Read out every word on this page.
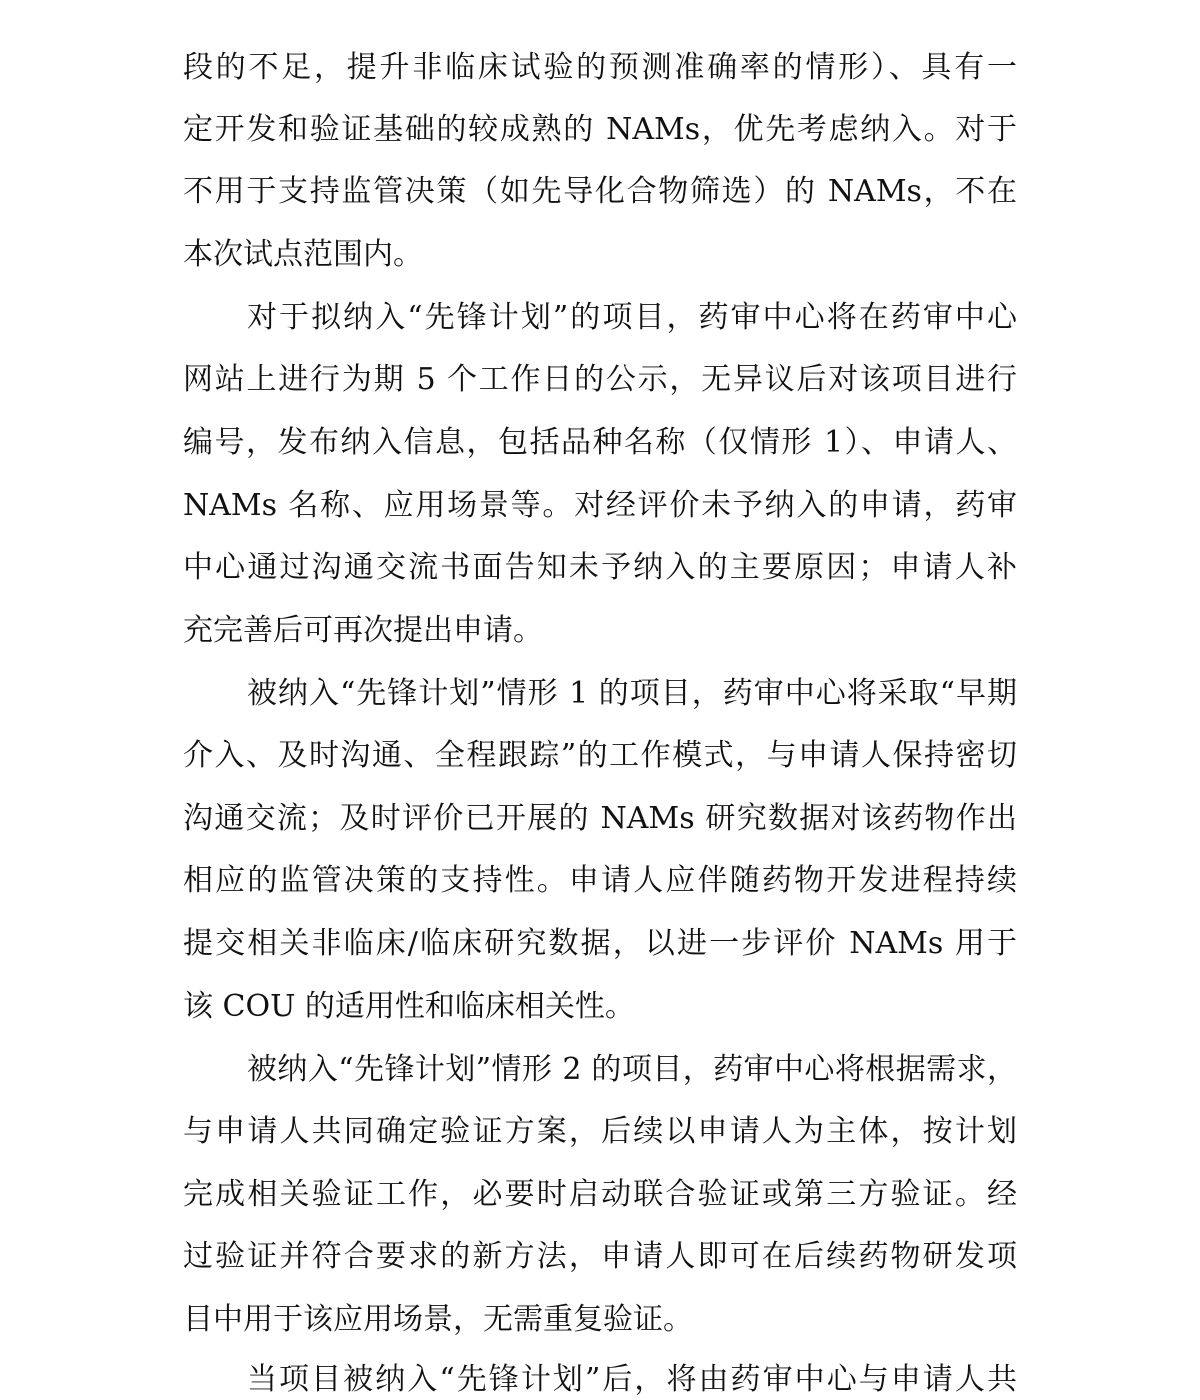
段的不足，提升非临床试验的预测准确率的情形）、具有一

定开发和验证基础的较成熟的 NAMs，优先考虑纳入。对于

不用于支持监管决策（如先导化合物筛选）的 NAMs，不在

本次试点范围内。

对于拟纳入“先锋计划”的项目，药审中心将在药审中心

网站上进行为期 5 个工作日的公示，无异议后对该项目进行

编号，发布纳入信息，包括品种名称（仅情形 1）、申请人、

NAMs 名称、应用场景等。对经评价未予纳入的申请，药审

中心通过沟通交流书面告知未予纳入的主要原因；申请人补

充完善后可再次提出申请。

被纳入“先锋计划”情形 1 的项目，药审中心将采取“早期

介入、及时沟通、全程跟踪”的工作模式，与申请人保持密切

沟通交流；及时评价已开展的 NAMs 研究数据对该药物作出

相应的监管决策的支持性。申请人应伴随药物开发进程持续

提交相关非临床/临床研究数据，以进一步评价 NAMs 用于

该 COU 的适用性和临床相关性。

被纳入“先锋计划”情形 2 的项目，药审中心将根据需求，

与申请人共同确定验证方案，后续以申请人为主体，按计划

完成相关验证工作，必要时启动联合验证或第三方验证。经

过验证并符合要求的新方法，申请人即可在后续药物研发项

目中用于该应用场景，无需重复验证。

当项目被纳入“先锋计划”后，将由药审中心与申请人共
